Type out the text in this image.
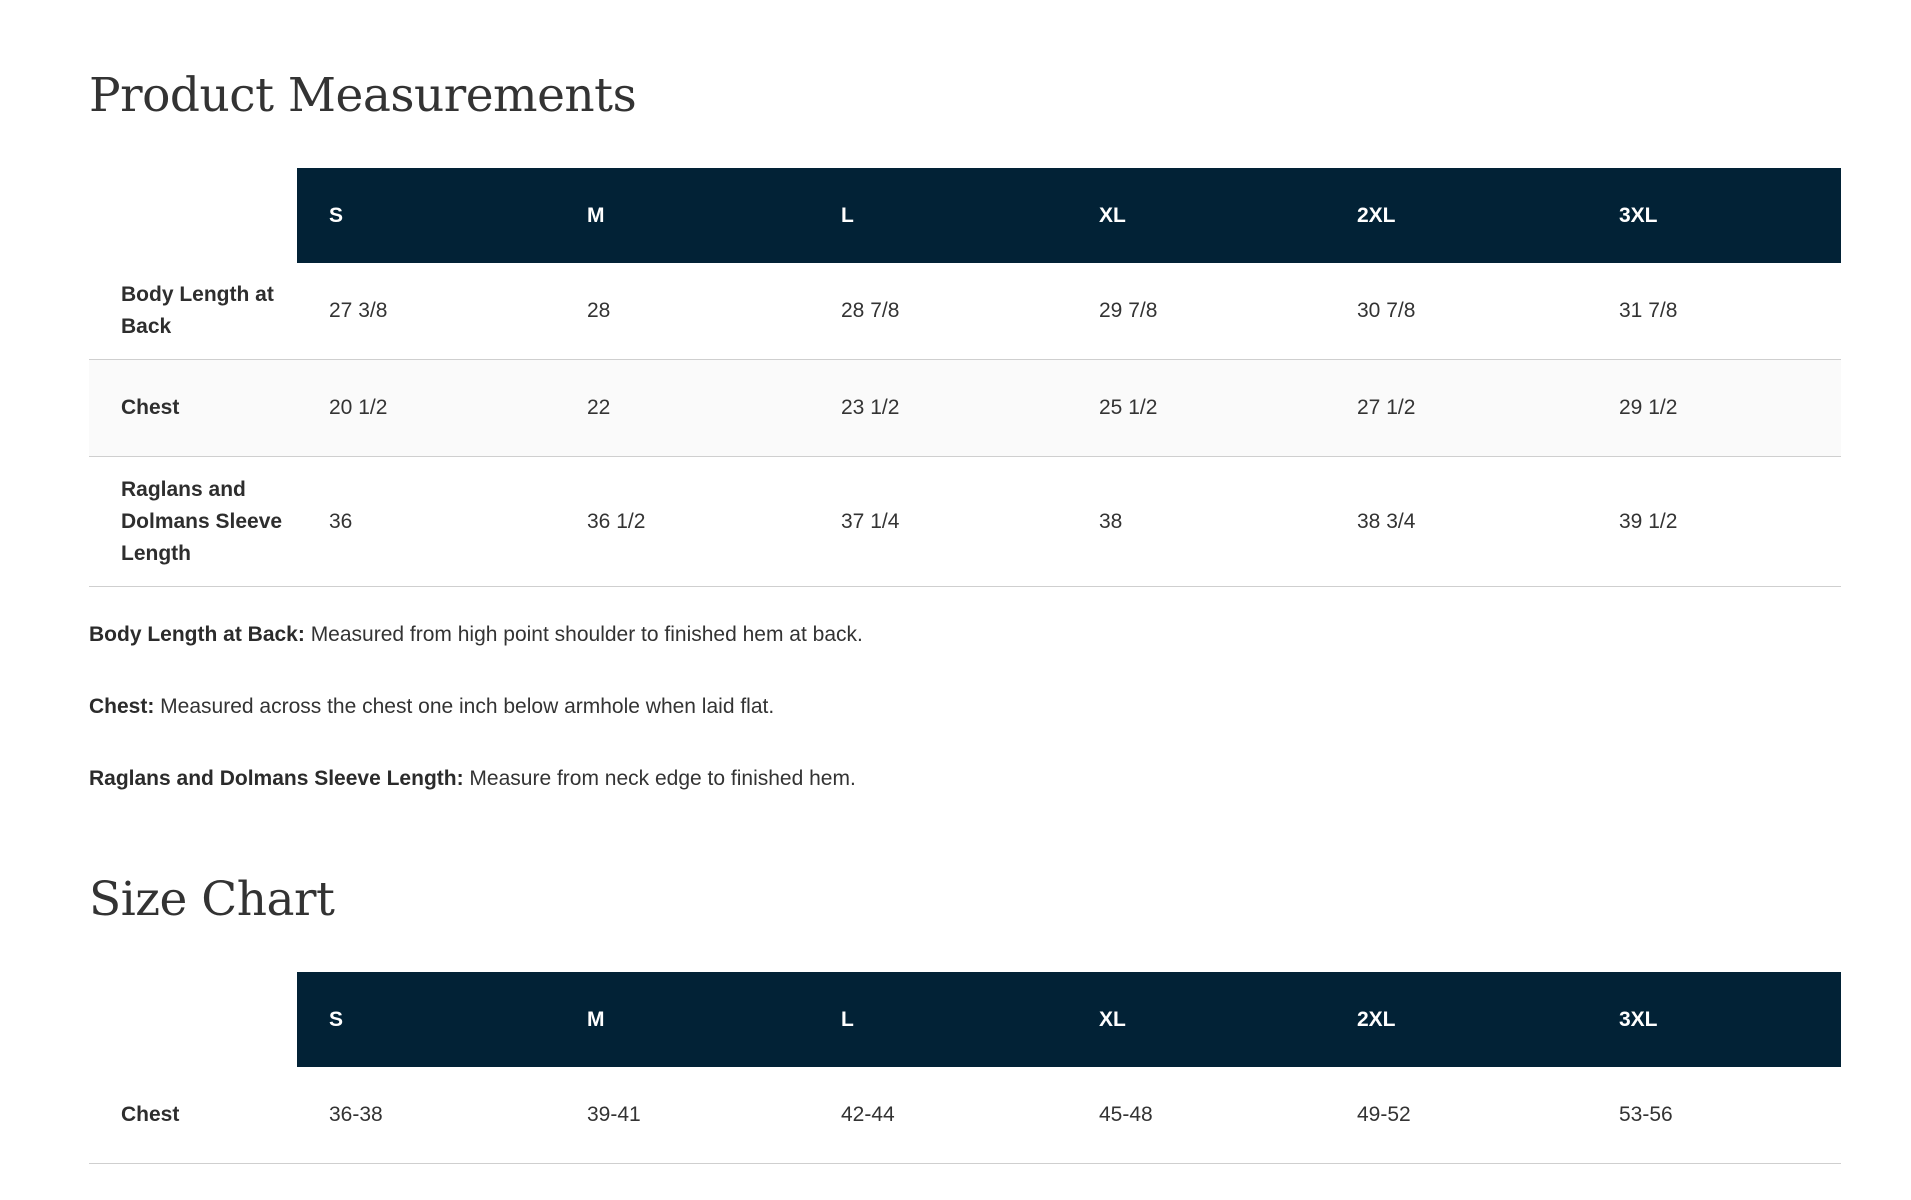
Product Measurements
	S	M	L	XL	2XL	3XL
Body Length at Back	27 3/8	28	28 7/8	29 7/8	30 7/8	31 7/8
Chest	20 1/2	22	23 1/2	25 1/2	27 1/2	29 1/2
Raglans and Dolmans Sleeve Length	36	36 1/2	37 1/4	38	38 3/4	39 1/2

Body Length at Back: Measured from high point shoulder to finished hem at back.

Chest: Measured across the chest one inch below armhole when laid flat.

Raglans and Dolmans Sleeve Length: Measure from neck edge to finished hem.

Size Chart
	S	M	L	XL	2XL	3XL
Chest	36-38	39-41	42-44	45-48	49-52	53-56
